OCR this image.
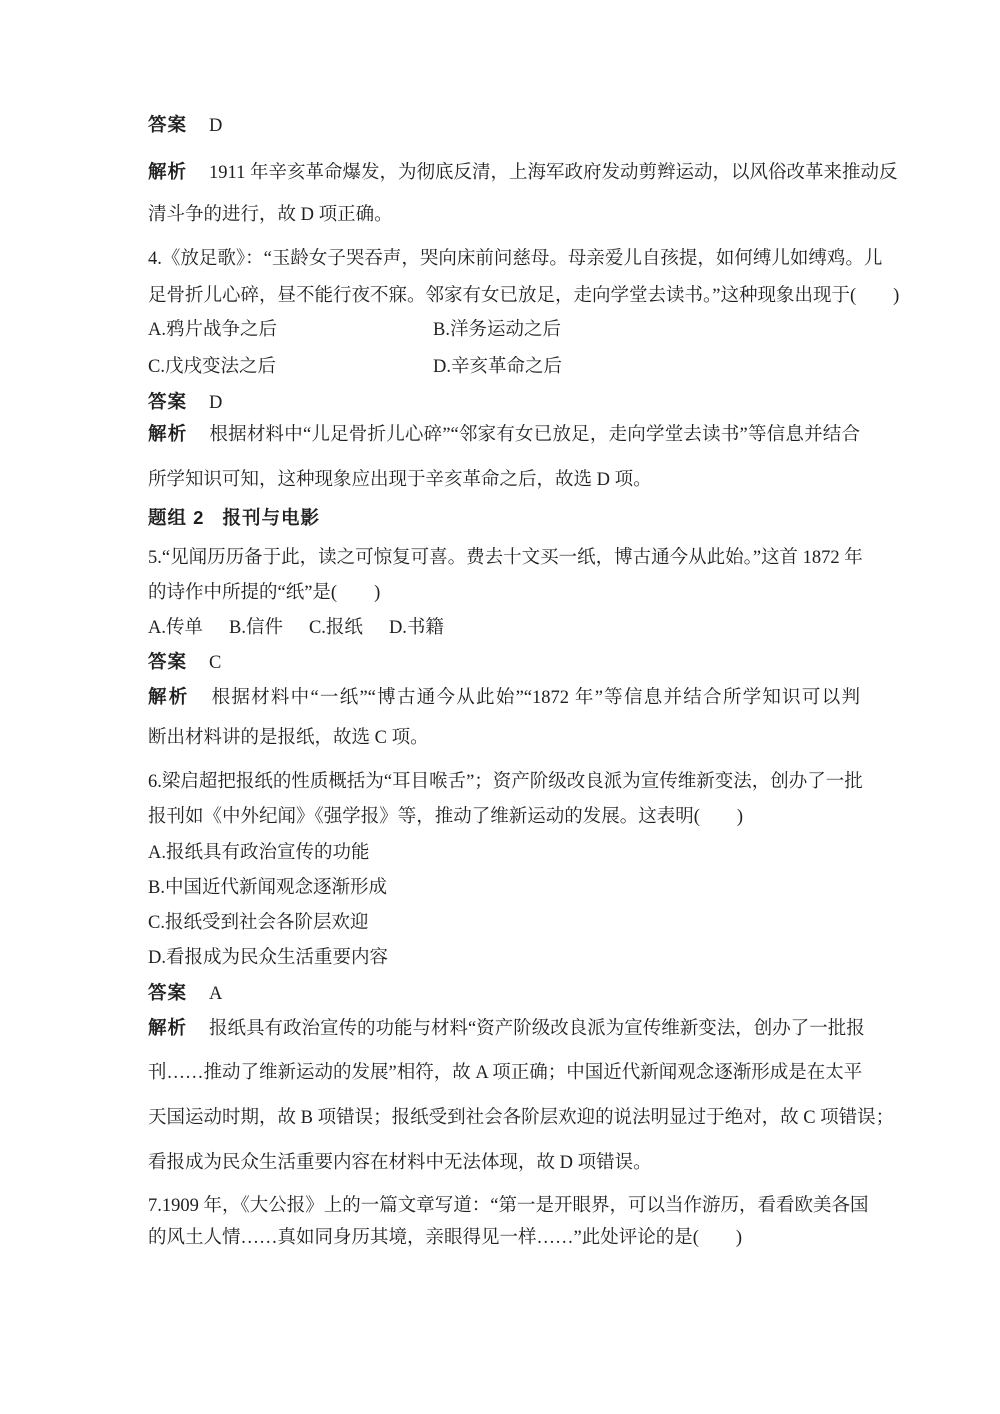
答案 D
解析 1911 年辛亥革命爆发，为彻底反清，上海军政府发动剪辫运动，以风俗改革来推动反
清斗争的进行，故 D 项正确。
4.《放足歌》：“玉龄女子哭吞声，哭向床前问慈母。母亲爱儿自孩提，如何缚儿如缚鸡。儿
足骨折儿心碎，昼不能行夜不寐。邻家有女已放足，走向学堂去读书。”这种现象出现于(　　)
A.鸦片战争之后	B.洋务运动之后
C.戊戌变法之后	D.辛亥革命之后
答案 D
解析 根据材料中“儿足骨折儿心碎”“邻家有女已放足，走向学堂去读书”等信息并结合
所学知识可知，这种现象应出现于辛亥革命之后，故选 D 项。
题组 2 报刊与电影
5.“见闻历历备于此，读之可惊复可喜。费去十文买一纸，博古通今从此始。”这首 1872 年
的诗作中所提的“纸”是(　　)
A.传单 B.信件 C.报纸 D.书籍
答案 C
解析 根据材料中“一纸”“博古通今从此始”“1872 年”等信息并结合所学知识可以判
断出材料讲的是报纸，故选 C 项。
6.梁启超把报纸的性质概括为“耳目喉舌”；资产阶级改良派为宣传维新变法，创办了一批
报刊如《中外纪闻》《强学报》等，推动了维新运动的发展。这表明(　　)
A.报纸具有政治宣传的功能
B.中国近代新闻观念逐渐形成
C.报纸受到社会各阶层欢迎
D.看报成为民众生活重要内容
答案 A
解析 报纸具有政治宣传的功能与材料“资产阶级改良派为宣传维新变法，创办了一批报
刊……推动了维新运动的发展”相符，故 A 项正确；中国近代新闻观念逐渐形成是在太平
天国运动时期，故 B 项错误；报纸受到社会各阶层欢迎的说法明显过于绝对，故 C 项错误；
看报成为民众生活重要内容在材料中无法体现，故 D 项错误。
7.1909 年，《大公报》上的一篇文章写道：“第一是开眼界，可以当作游历，看看欧美各国
的风土人情……真如同身历其境，亲眼得见一样……”此处评论的是(　　)
